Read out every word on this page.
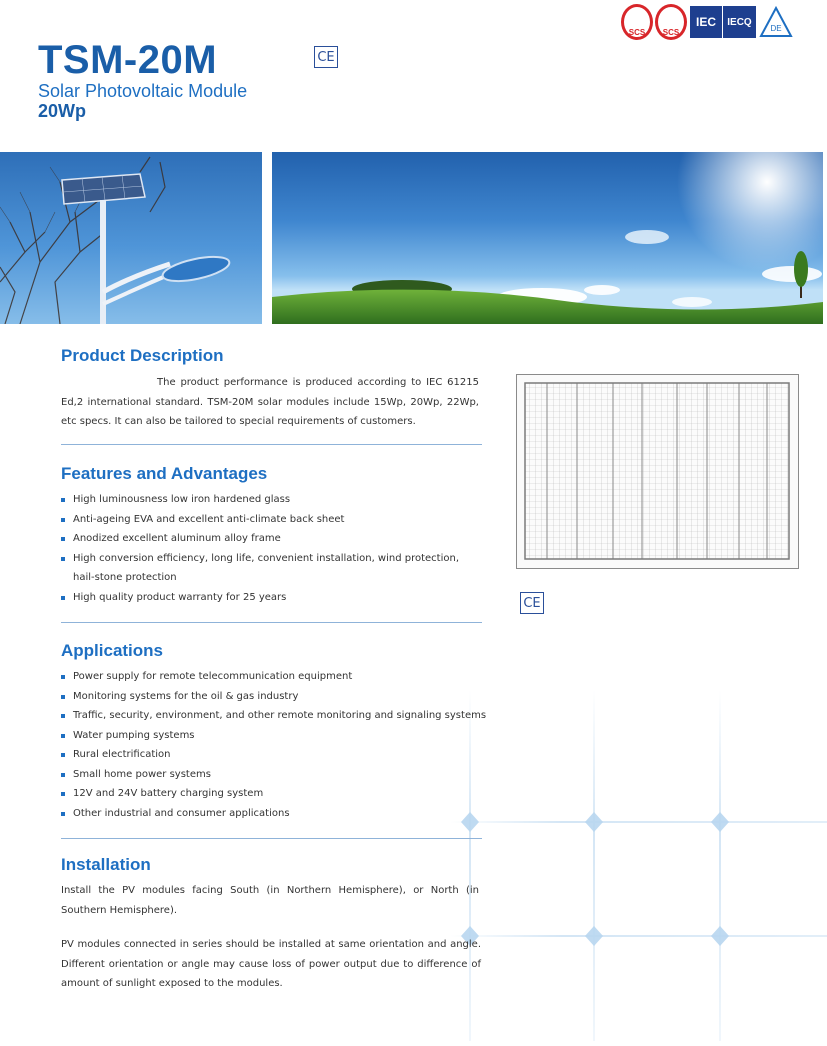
SCS SCS
IEC IECQ
DE
TSM-20M	CE
Solar Photovoltaic Module
20Wp
Product Description
The product performance is produced according to IEC 61215 Ed,2 international standard. TSM-20M solar modules include 15Wp, 20Wp, 22Wp, etc specs. It can also be tailored to special requirements of customers.
Features and Advantages
High luminousness low iron hardened glass
Anti-ageing EVA and excellent anti-climate back sheet
Anodized excellent aluminum alloy frame
High conversion efficiency, long life, convenient installation, wind protection, hail-stone protection
High quality product warranty for 25 years	CE
Applications
Power supply for remote telecommunication equipment
Monitoring systems for the oil & gas industry
Traffic, security, environment, and other remote monitoring and signaling systems
Water pumping systems
Rural electrification
Small home power systems
12V and 24V battery charging system
Other industrial and consumer applications
Installation
Install the PV modules facing South (in Northern Hemisphere), or North (in Southern Hemisphere).
PV modules connected in series should be installed at same orientation and angle. Different orientation or angle may cause loss of power output due to difference of amount of sunlight exposed to the modules.
